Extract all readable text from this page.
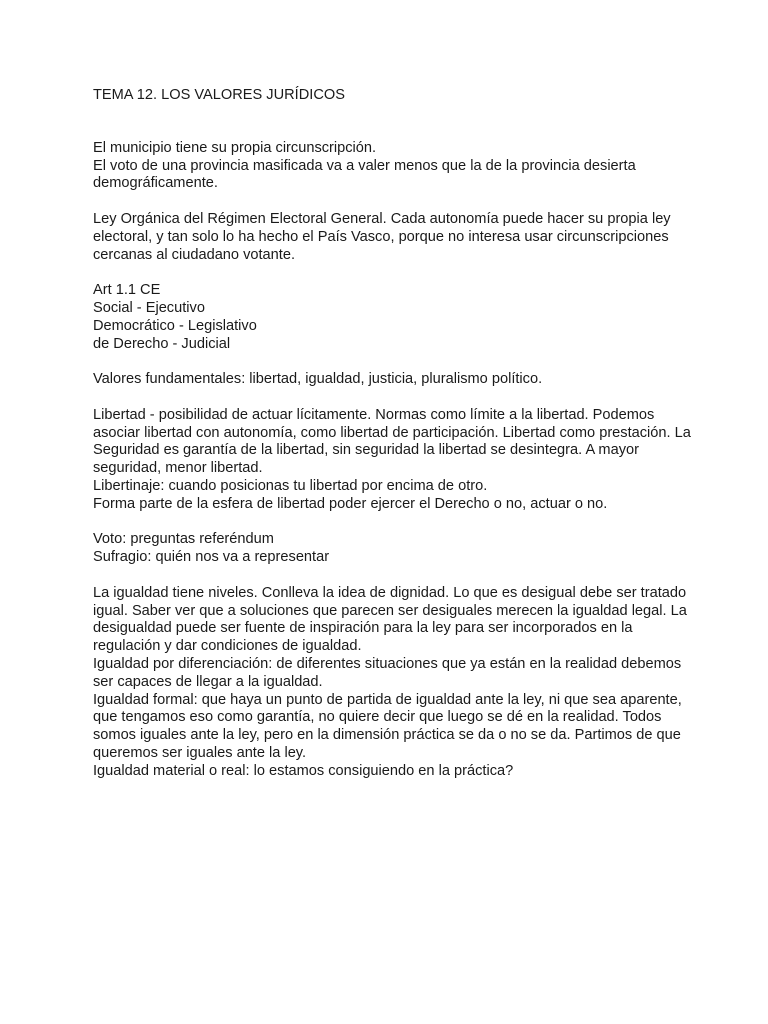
TEMA 12. LOS VALORES JURÍDICOS
El municipio tiene su propia circunscripción.
El voto de una provincia masificada va a valer menos que la de la provincia desierta
demográficamente.
Ley Orgánica del Régimen Electoral General. Cada autonomía puede hacer su propia ley
electoral, y tan solo lo ha hecho el País Vasco, porque no interesa usar circunscripciones
cercanas al ciudadano votante.
Art 1.1 CE
Social - Ejecutivo
Democrático - Legislativo
de Derecho - Judicial
Valores fundamentales: libertad, igualdad, justicia, pluralismo político.
Libertad - posibilidad de actuar lícitamente. Normas como límite a la libertad. Podemos
asociar libertad con autonomía, como libertad de participación. Libertad como prestación. La
Seguridad es garantía de la libertad, sin seguridad la libertad se desintegra. A mayor
seguridad, menor libertad.
Libertinaje: cuando posicionas tu libertad por encima de otro.
Forma parte de la esfera de libertad poder ejercer el Derecho o no, actuar o no.
Voto: preguntas referéndum
Sufragio: quién nos va a representar
La igualdad tiene niveles. Conlleva la idea de dignidad. Lo que es desigual debe ser tratado
igual. Saber ver que a soluciones que parecen ser desiguales merecen la igualdad legal. La
desigualdad puede ser fuente de inspiración para la ley para ser incorporados en la
regulación y dar condiciones de igualdad.
Igualdad por diferenciación: de diferentes situaciones que ya están en la realidad debemos
ser capaces de llegar a la igualdad.
Igualdad formal: que haya un punto de partida de igualdad ante la ley, ni que sea aparente,
que tengamos eso como garantía, no quiere decir que luego se dé en la realidad. Todos
somos iguales ante la ley, pero en la dimensión práctica se da o no se da. Partimos de que
queremos ser iguales ante la ley.
Igualdad material o real: lo estamos consiguiendo en la práctica?
